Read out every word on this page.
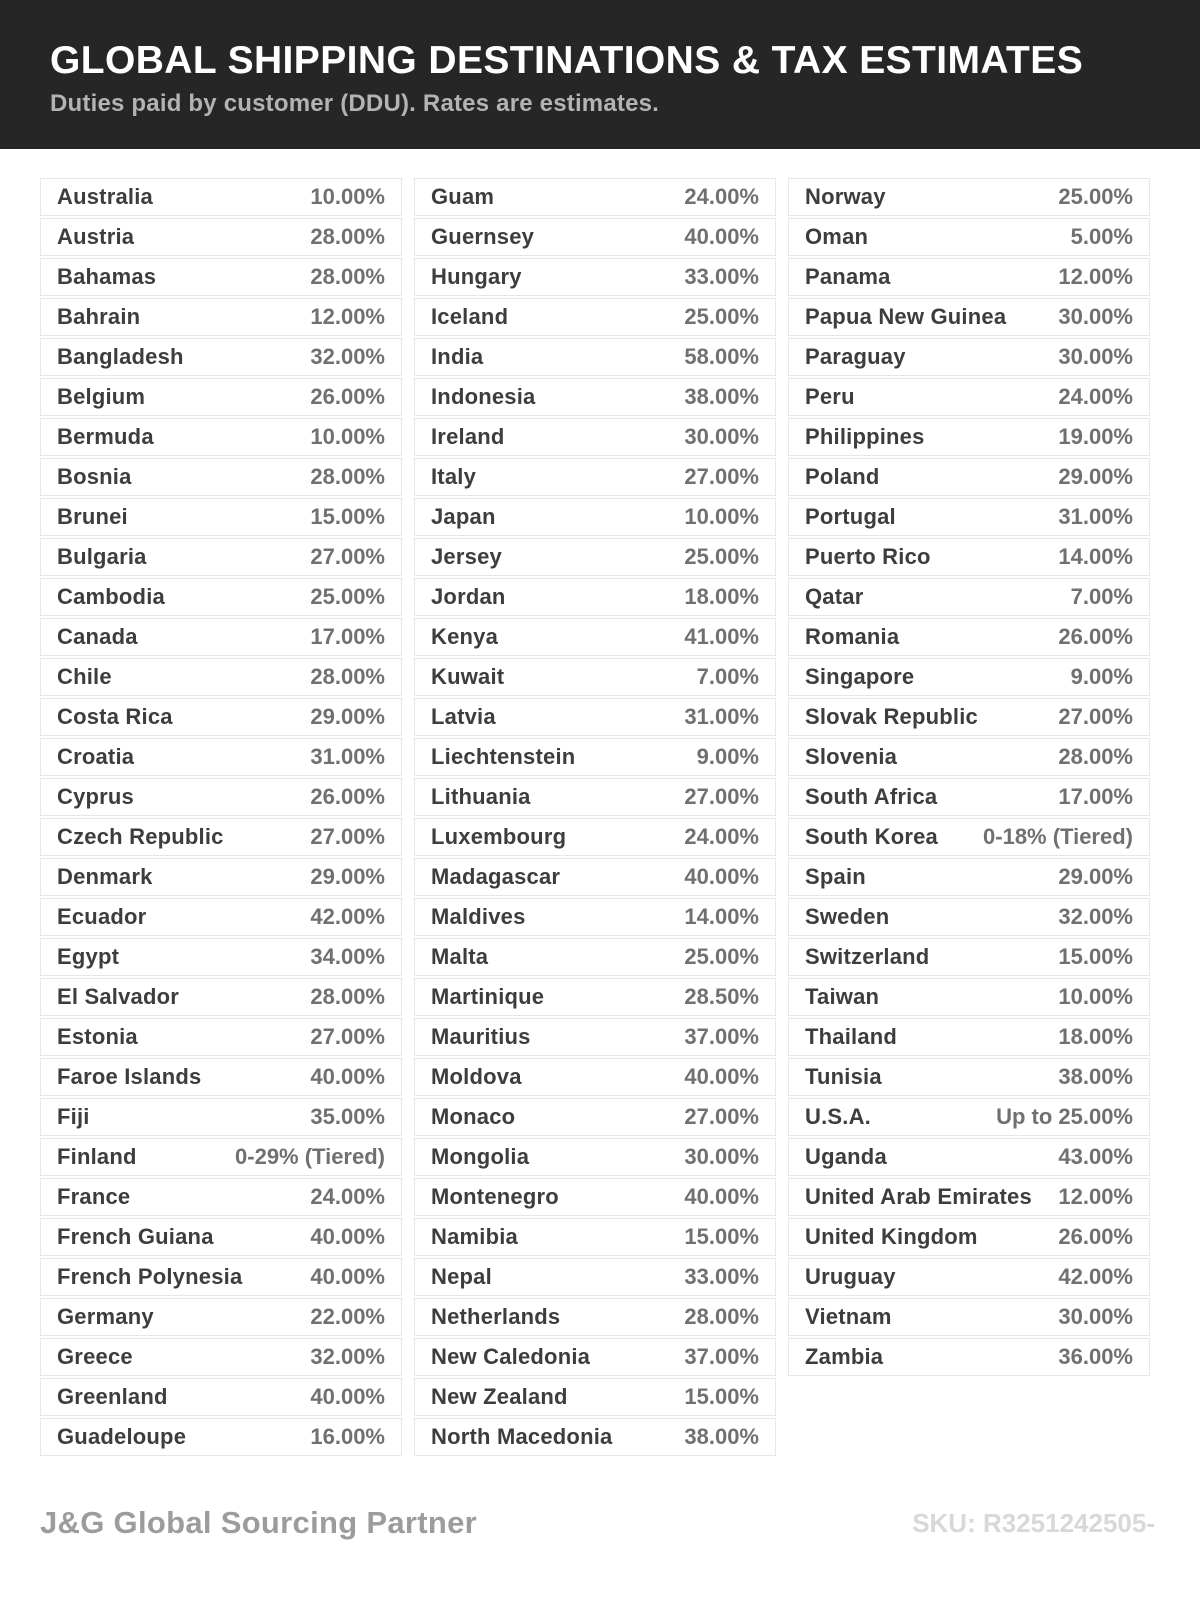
GLOBAL SHIPPING DESTINATIONS & TAX ESTIMATES
Duties paid by customer (DDU). Rates are estimates.
Australia	10.00%
Austria	28.00%
Bahamas	28.00%
Bahrain	12.00%
Bangladesh	32.00%
Belgium	26.00%
Bermuda	10.00%
Bosnia	28.00%
Brunei	15.00%
Bulgaria	27.00%
Cambodia	25.00%
Canada	17.00%
Chile	28.00%
Costa Rica	29.00%
Croatia	31.00%
Cyprus	26.00%
Czech Republic	27.00%
Denmark	29.00%
Ecuador	42.00%
Egypt	34.00%
El Salvador	28.00%
Estonia	27.00%
Faroe Islands	40.00%
Fiji	35.00%
Finland	0-29% (Tiered)
France	24.00%
French Guiana	40.00%
French Polynesia	40.00%
Germany	22.00%
Greece	32.00%
Greenland	40.00%
Guadeloupe	16.00%
Guam	24.00%
Guernsey	40.00%
Hungary	33.00%
Iceland	25.00%
India	58.00%
Indonesia	38.00%
Ireland	30.00%
Italy	27.00%
Japan	10.00%
Jersey	25.00%
Jordan	18.00%
Kenya	41.00%
Kuwait	7.00%
Latvia	31.00%
Liechtenstein	9.00%
Lithuania	27.00%
Luxembourg	24.00%
Madagascar	40.00%
Maldives	14.00%
Malta	25.00%
Martinique	28.50%
Mauritius	37.00%
Moldova	40.00%
Monaco	27.00%
Mongolia	30.00%
Montenegro	40.00%
Namibia	15.00%
Nepal	33.00%
Netherlands	28.00%
New Caledonia	37.00%
New Zealand	15.00%
North Macedonia	38.00%
Norway	25.00%
Oman	5.00%
Panama	12.00%
Papua New Guinea 30.00%
Paraguay	30.00%
Peru	24.00%
Philippines	19.00%
Poland	29.00%
Portugal	31.00%
Puerto Rico	14.00%
Qatar	7.00%
Romania	26.00%
Singapore	9.00%
Slovak Republic	27.00%
Slovenia	28.00%
South Africa	17.00%
South Korea 0-18% (Tiered)
Spain	29.00%
Sweden	32.00%
Switzerland	15.00%
Taiwan	10.00%
Thailand	18.00%
Tunisia	38.00%
U.S.A.	Up to 25.00%
Uganda	43.00%
United Arab Emirates 12.00%
United Kingdom	26.00%
Uruguay	42.00%
Vietnam	30.00%
Zambia	36.00%
J&G Global Sourcing Partner	SKU: R3251242505-
